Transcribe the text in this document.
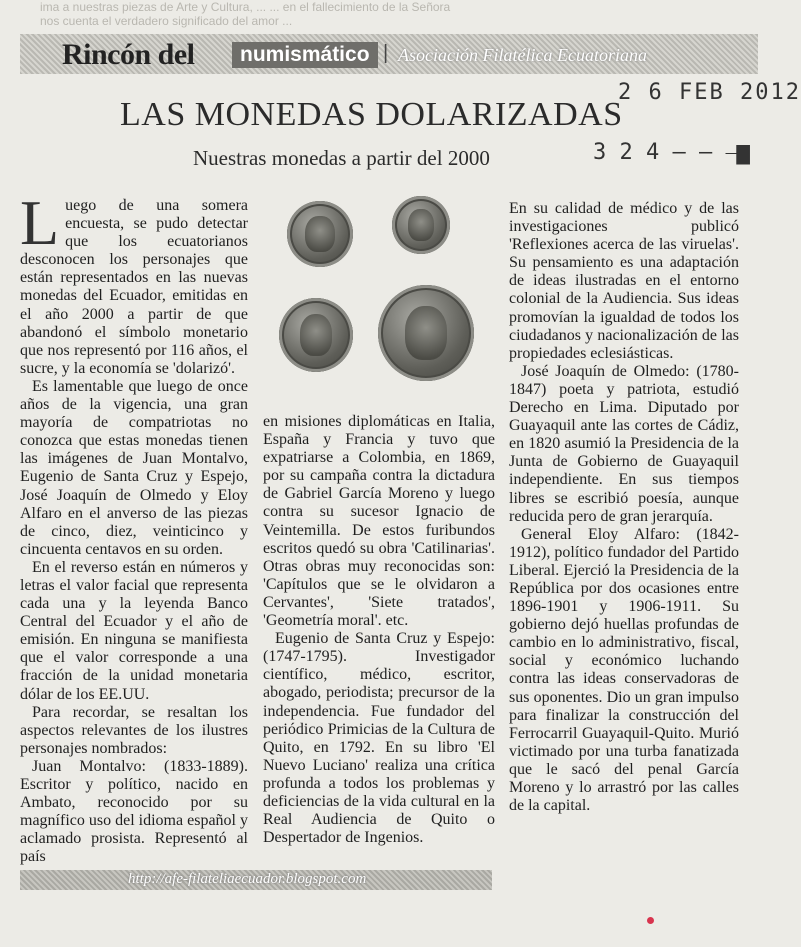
ima a nuestras piezas de Arte y Cultura, ... ... en el fallecimiento de la Señora
nos cuenta el verdadero significado del amor ...
Rincón del	numismático | Asociación Filatélica Ecuatoriana
2 6 FEB 2012
3 2 4 — — ⎯▆
LAS MONEDAS DOLARIZADAS
Nuestras monedas a partir del 2000

Luego de una somera encuesta, se pudo detectar que los ecuatorianos desconocen los personajes que están representados en las nuevas monedas del Ecuador, emitidas en el año 2000 a partir de que abandonó el símbolo monetario que nos representó por 116 años, el sucre, y la economía se 'dolarizó'.

Es lamentable que luego de once años de la vigencia, una gran mayoría de compatriotas no conozca que estas monedas tienen las imágenes de Juan Montalvo, Eugenio de Santa Cruz y Espejo, José Joaquín de Olmedo y Eloy Alfaro en el anverso de las piezas de cinco, diez, veinticinco y cincuenta centavos en su orden.

En el reverso están en números y letras el valor facial que representa cada una y la leyenda Banco Central del Ecuador y el año de emisión. En ninguna se manifiesta que el valor corresponde a una fracción de la unidad monetaria dólar de los EE.UU.

Para recordar, se resaltan los aspectos relevantes de los ilustres personajes nombrados:

Juan Montalvo: (1833-1889). Escritor y político, nacido en Ambato, reconocido por su magnífico uso del idioma español y aclamado prosista. Representó al país

en misiones diplomáticas en Italia, España y Francia y tuvo que expatriarse a Colombia, en 1869, por su campaña contra la dictadura de Gabriel García Moreno y luego contra su sucesor Ignacio de Veintemilla. De estos furibundos escritos quedó su obra 'Catilinarias'. Otras obras muy reconocidas son: 'Capítulos que se le olvidaron a Cervantes', 'Siete tratados', 'Geometría moral'. etc.

Eugenio de Santa Cruz y Espejo: (1747-1795). Investigador científico, médico, escritor, abogado, periodista; precursor de la independencia. Fue fundador del periódico Primicias de la Cultura de Quito, en 1792. En su libro 'El Nuevo Luciano' realiza una crítica profunda a todos los problemas y deficiencias de la vida cultural en la Real Audiencia de Quito o Despertador de Ingenios.

En su calidad de médico y de las investigaciones publicó 'Reflexiones acerca de las viruelas'. Su pensamiento es una adaptación de ideas ilustradas en el entorno colonial de la Audiencia. Sus ideas promovían la igualdad de todos los ciudadanos y nacionalización de las propiedades eclesiásticas.

José Joaquín de Olmedo: (1780-1847) poeta y patriota, estudió Derecho en Lima. Diputado por Guayaquil ante las cortes de Cádiz, en 1820 asumió la Presidencia de la Junta de Gobierno de Guayaquil independiente. En sus tiempos libres se escribió poesía, aunque reducida pero de gran jerarquía.

General Eloy Alfaro: (1842-1912), político fundador del Partido Liberal. Ejerció la Presidencia de la República por dos ocasiones entre 1896-1901 y 1906-1911. Su gobierno dejó huellas profundas de cambio en lo administrativo, fiscal, social y económico luchando contra las ideas conservadoras de sus oponentes. Dio un gran impulso para finalizar la construcción del Ferrocarril Guayaquil-Quito. Murió victimado por una turba fanatizada que le sacó del penal García Moreno y lo arrastró por las calles de la capital.

http://afe-filateliaecuador.blogspot.com
